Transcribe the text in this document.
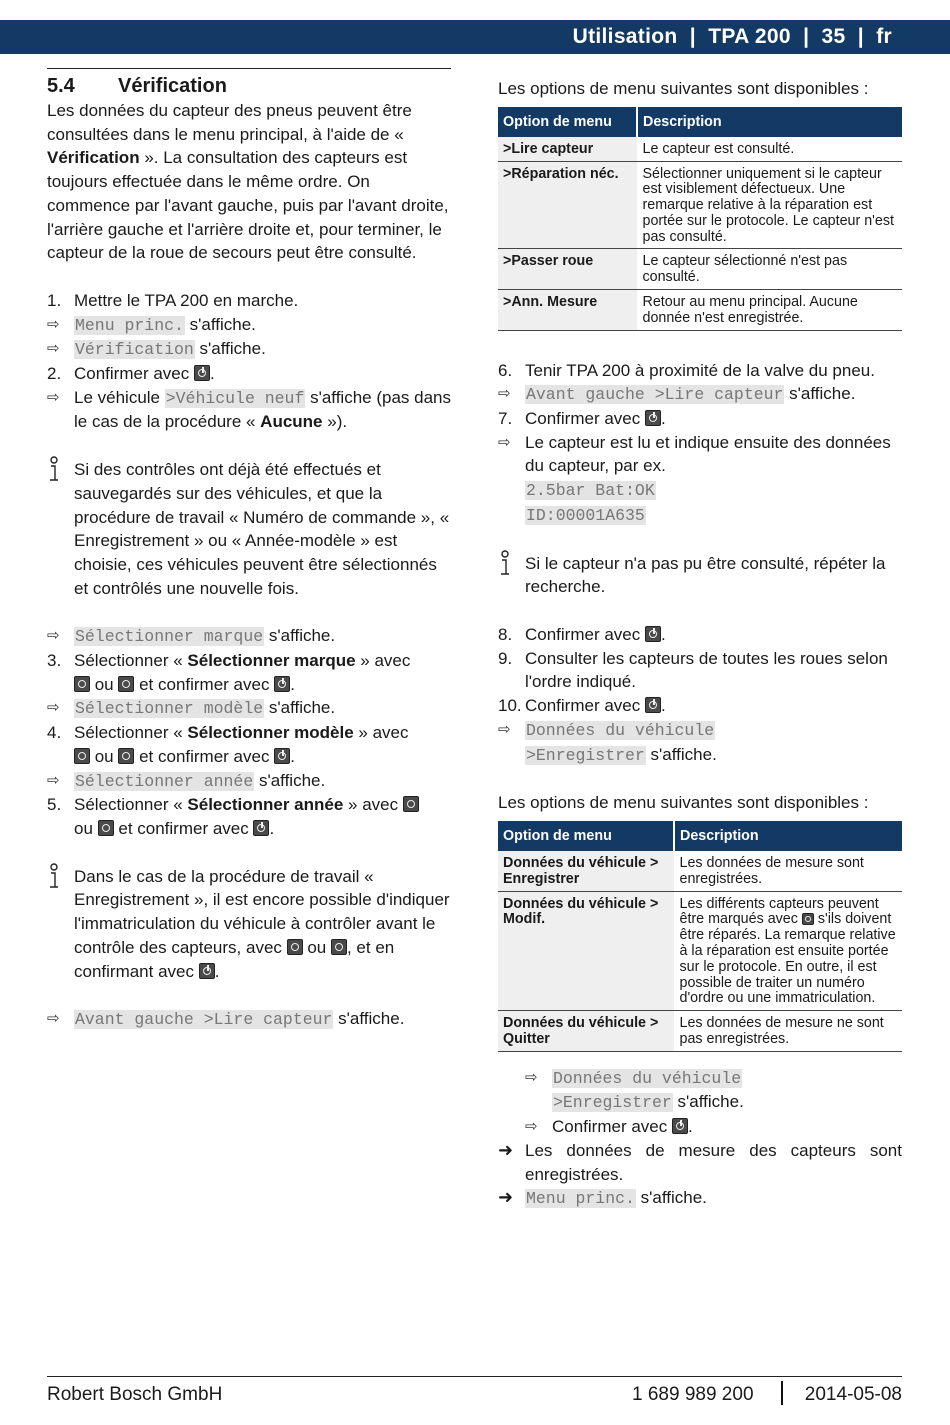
Utilisation  |  TPA 200  |  35  |  fr
5.4 Vérification

Les données du capteur des pneus peuvent être consultées dans le menu principal, à l'aide de « Vérification ». La consultation des capteurs est toujours effectuée dans le même ordre. On commence par l'avant gauche, puis par l'avant droite, l'arrière gauche et l'arrière droite et, pour terminer, le capteur de la roue de secours peut être consulté.

1. Mettre le TPA 200 en marche.
⇨ Menu princ. s'affiche.
⇨ Vérification s'affiche.
2. Confirmer avec .
⇨ Le véhicule >Véhicule neuf s'affiche (pas dans le cas de la procédure « Aucune »).
Si des contrôles ont déjà été effectués et sauvegardés sur des véhicules, et que la procédure de travail « Numéro de commande », « Enregistrement » ou « Année-modèle » est choisie, ces véhicules peuvent être sélectionnés et contrôlés une nouvelle fois.
⇨ Sélectionner marque s'affiche.
3. Sélectionner « Sélectionner marque » avec
ou  et confirmer avec .
⇨ Sélectionner modèle s'affiche.
4. Sélectionner « Sélectionner modèle » avec
ou  et confirmer avec .
⇨ Sélectionner année s'affiche.
5. Sélectionner « Sélectionner année » avec
ou  et confirmer avec .
Dans le cas de la procédure de travail « Enregistrement », il est encore possible d'indiquer l'immatriculation du véhicule à contrôler avant le contrôle des capteurs, avec  ou , et en confirmant avec .
⇨ Avant gauche >Lire capteur s'affiche.

Les options de menu suivantes sont disponibles :

Option de menu	Description
>Lire capteur	Le capteur est consulté.
>Réparation néc.	Sélectionner uniquement si le capteur est visiblement défectueux. Une remarque relative à la réparation est portée sur le protocole. Le capteur n'est pas consulté.
>Passer roue	Le capteur sélectionné n'est pas consulté.
>Ann. Mesure	Retour au menu principal. Aucune donnée n'est enregistrée.
6. Tenir TPA 200 à proximité de la valve du pneu.
⇨ Avant gauche >Lire capteur s'affiche.
7. Confirmer avec .
⇨ Le capteur est lu et indique ensuite des données du capteur, par ex.
2.5bar Bat:OK
ID:00001A635
Si le capteur n'a pas pu être consulté, répéter la recherche.
8. Confirmer avec .
9. Consulter les capteurs de toutes les roues selon l'ordre indiqué.
10. Confirmer avec .
⇨ Données du véhicule
>Enregistrer s'affiche.

Les options de menu suivantes sont disponibles :

Option de menu	Description
Données du véhicule >
Enregistrer	Les données de mesure sont enregistrées.
Données du véhicule >
Modif.	Les différents capteurs peuvent être marqués avec  s'ils doivent être réparés. La remarque relative à la réparation est ensuite portée sur le protocole. En outre, il est possible de traiter un numéro d'ordre ou une immatriculation.
Données du véhicule >
Quitter	Les données de mesure ne sont pas enregistrées.
⇨ Données du véhicule
>Enregistrer s'affiche.
⇨ Confirmer avec .
➜ Les données de mesure des capteurs sont enregistrées.
➜ Menu princ. s'affiche.
Robert Bosch GmbH	1 689 989 200	2014-05-08
